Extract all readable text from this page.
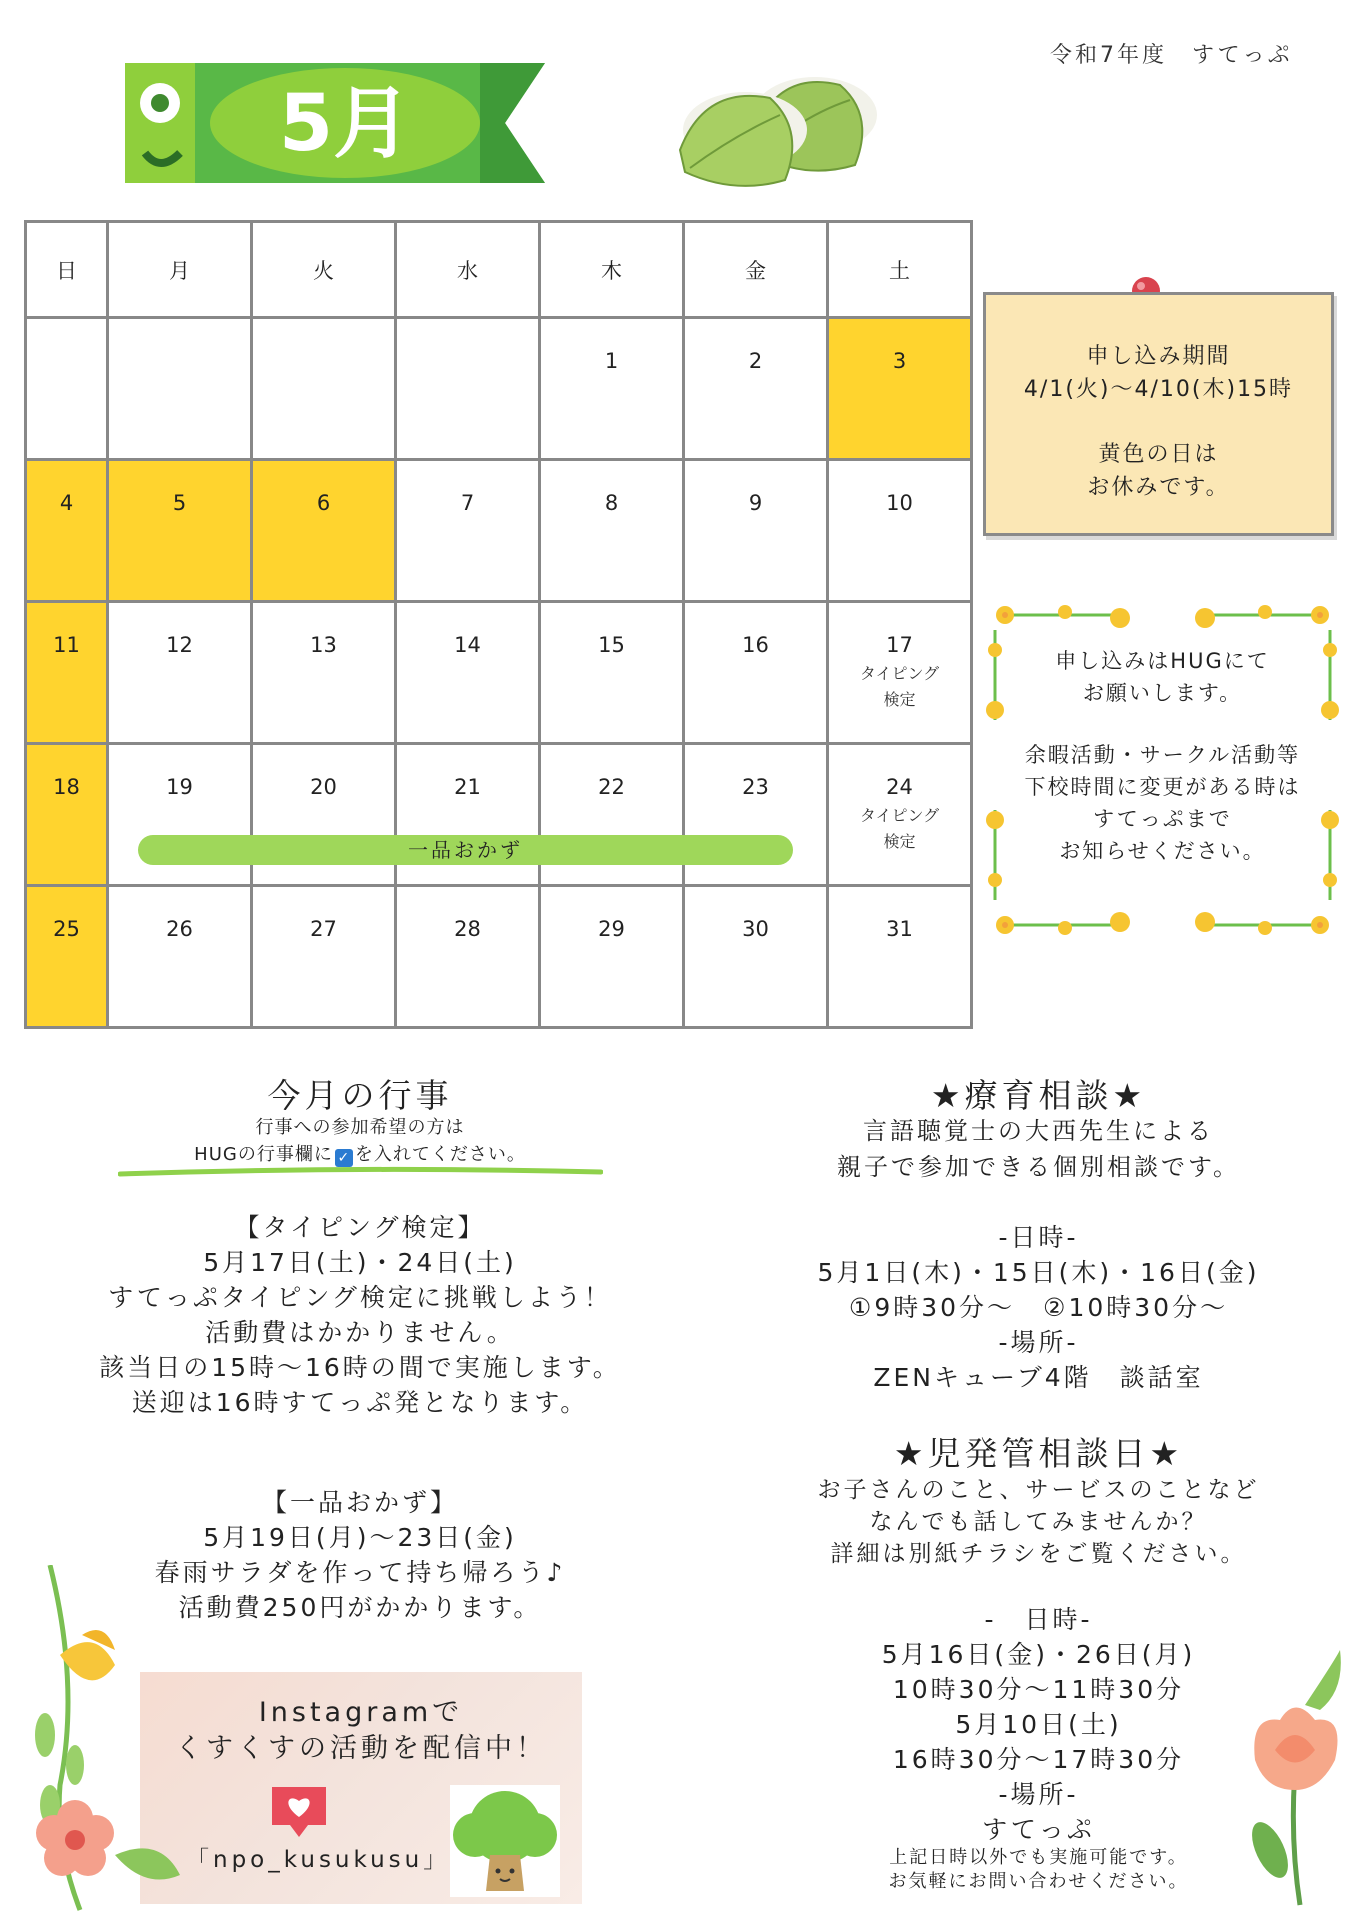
令和7年度　すてっぷ
5月
日	月	火	水	木	金	土
				1	2	3
4	5	6	7	8	9	10
11	12	13	14	15	16	17
タイピング
検定

18	19	20	21	22	23	24
タイピング
検定

25	26	27	28	29	30	31
一品おかず
申し込み期間
4/1(火)～4/10(木)15時
黄色の日は
お休みです。
申し込みはHUGにて
お願いします。
余暇活動・サークル活動等
下校時間に変更がある時は
すてっぷまで
お知らせください。
今月の行事
行事への参加希望の方は
HUGの行事欄に ✓ を入れてください。
【タイピング検定】
5月17日(土)・24日(土)
すてっぷタイピング検定に挑戦しよう！
活動費はかかりません。
該当日の15時～16時の間で実施します。
送迎は16時すてっぷ発となります。
【一品おかず】
5月19日(月)～23日(金)
春雨サラダを作って持ち帰ろう♪
活動費250円がかかります。
Instagramで
くすくすの活動を配信中！
「npo_kusukusu」
★療育相談★
言語聴覚士の大西先生による
親子で参加できる個別相談です。
-日時-
5月1日(木)・15日(木)・16日(金)
①9時30分～　②10時30分～
-場所-
ZENキューブ4階　談話室
★児発管相談日★
お子さんのこと、サービスのことなど
なんでも話してみませんか？
詳細は別紙チラシをご覧ください。
-　日時-
5月16日(金)・26日(月)
10時30分～11時30分
5月10日(土)
16時30分～17時30分
-場所-
すてっぷ
上記日時以外でも実施可能です。
お気軽にお問い合わせください。
